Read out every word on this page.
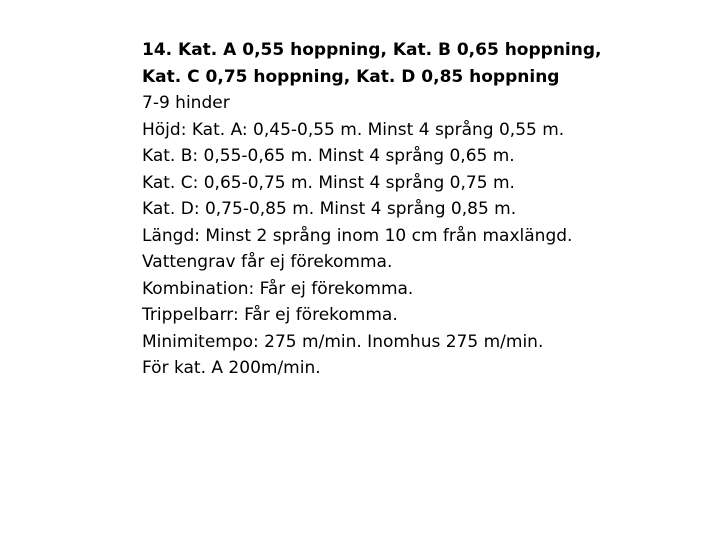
14. Kat. A 0,55 hoppning, Kat. B 0,65 hoppning,
Kat. C 0,75 hoppning, Kat. D 0,85 hoppning
7-9 hinder
Höjd: Kat. A: 0,45-0,55 m. Minst 4 språng 0,55 m.
Kat. B: 0,55-0,65 m. Minst 4 språng 0,65 m.
Kat. C: 0,65-0,75 m. Minst 4 språng 0,75 m.
Kat. D: 0,75-0,85 m. Minst 4 språng 0,85 m.
Längd: Minst 2 språng inom 10 cm från maxlängd.
Vattengrav får ej förekomma.
Kombination: Får ej förekomma.
Trippelbarr: Får ej förekomma.
Minimitempo: 275 m/min. Inomhus 275 m/min.
För kat. A 200m/min.
